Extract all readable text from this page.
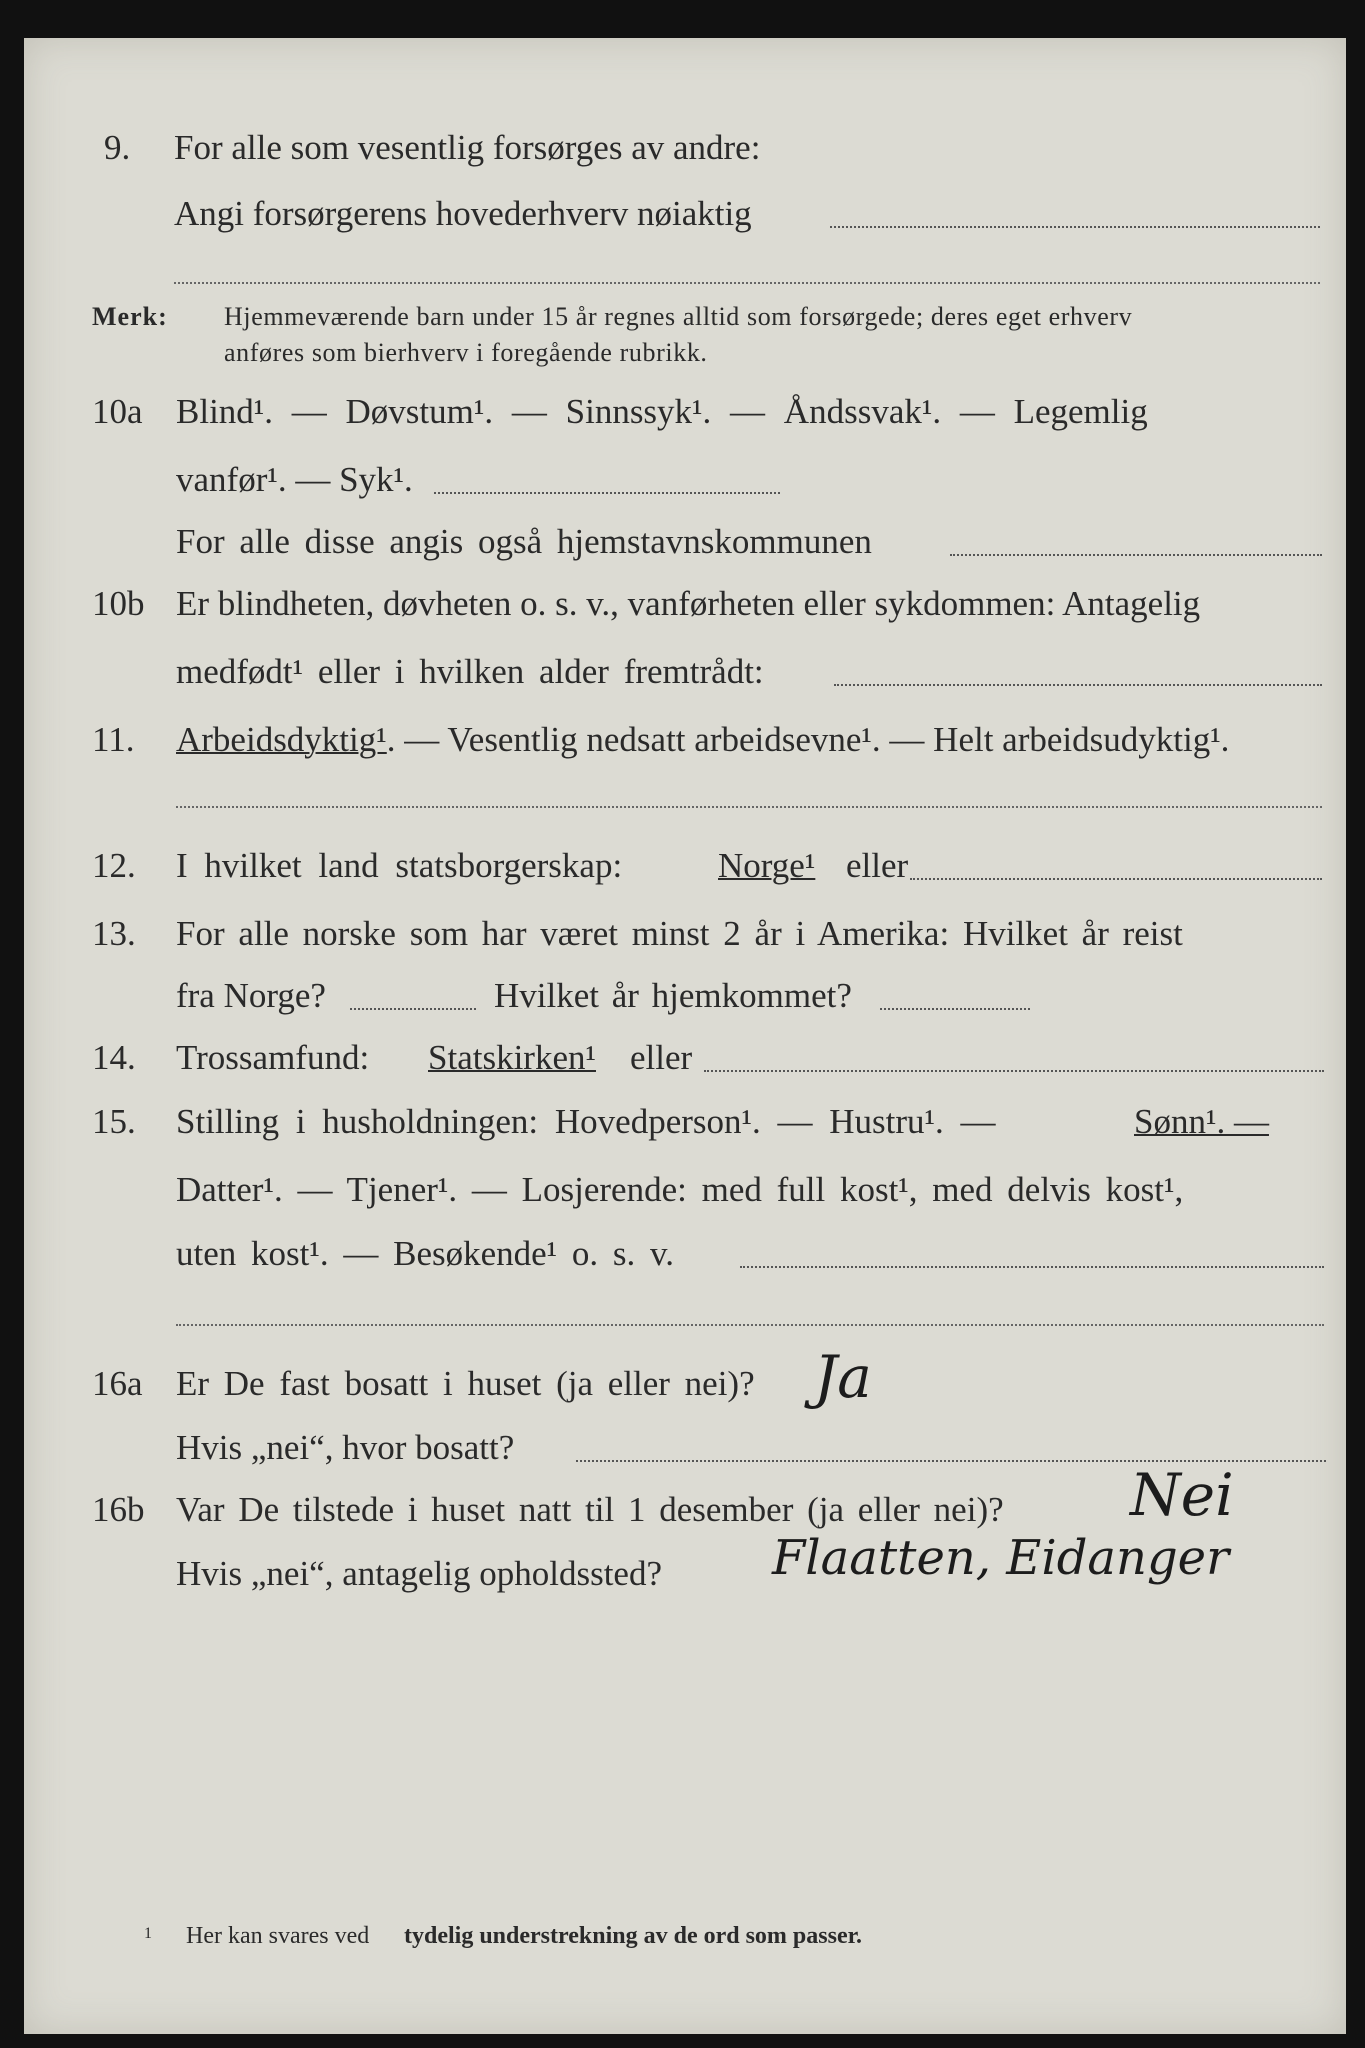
9. For alle som vesentlig forsørges av andre:
Angi forsørgerens hovederhverv nøiaktig
Merk: Hjemmeværende barn under 15 år regnes alltid som forsørgede; deres eget erhverv
anføres som bierhverv i foregående rubrikk.
10a Blind¹. — Døvstum¹. — Sinnssyk¹. — Åndssvak¹. — Legemlig
vanfør¹. — Syk¹.
For alle disse angis også hjemstavnskommunen
10b Er blindheten, døvheten o. s. v., vanførheten eller sykdommen: Antagelig
medfødt¹ eller i hvilken alder fremtrådt:
11. Arbeidsdyktig¹. — Vesentlig nedsatt arbeidsevne¹. — Helt arbeidsudyktig¹.
12. I hvilket land statsborgerskap:	Norge¹ eller
13. For alle norske som har været minst 2 år i Amerika: Hvilket år reist
fra Norge?	Hvilket år hjemkommet?
14. Trossamfund: Statskirken¹ eller
15. Stilling i husholdningen: Hovedperson¹. — Hustru¹. —	Sønn¹. —
Datter¹. — Tjener¹. — Losjerende: med full kost¹, med delvis kost¹,
uten kost¹. — Besøkende¹ o. s. v.
16a Er De fast bosatt i huset (ja eller nei)? Ja
Hvis „nei“, hvor bosatt?
16b Var De tilstede i huset natt til 1 desember (ja eller nei)? Nei
Hvis „nei“, antagelig opholdssted? Flaatten, Eidanger
1 Her kan svares ved tydelig understrekning av de ord som passer.
